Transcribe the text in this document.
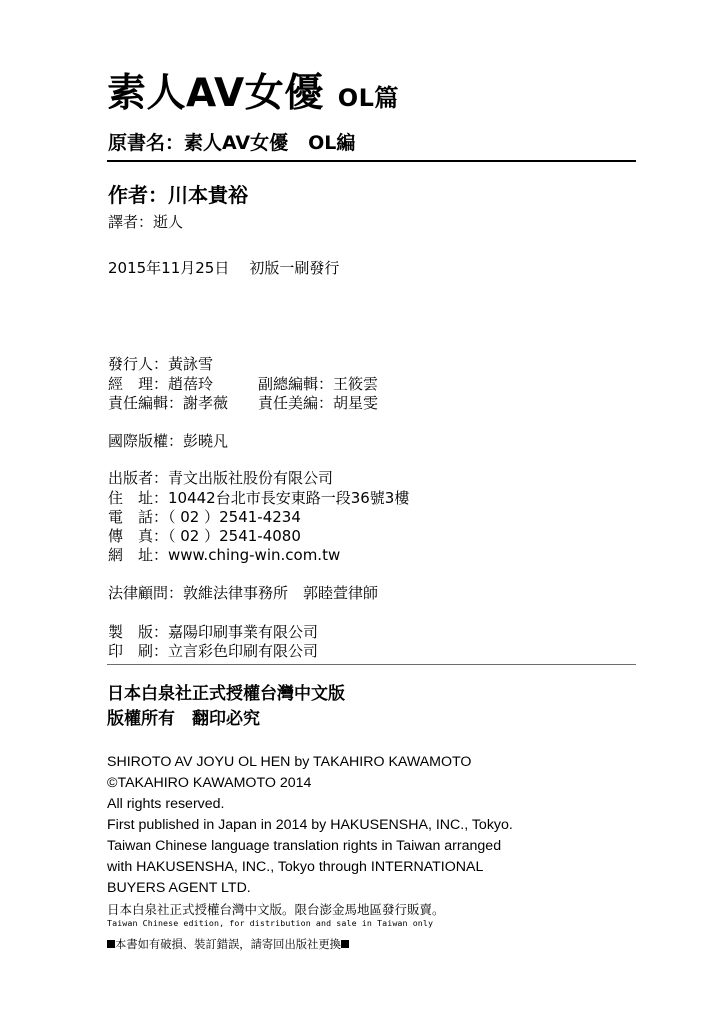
素人AV女優 OL篇
原書名：素人AV女優 OL編
作者：川本貴裕
譯者：逝人
2015年11月25日 初版一刷發行
發行人：黃詠雪
經　理：趙蓓玲	副總編輯：王筱雲
責任編輯：謝孝薇 責任美編：胡星雯
國際版權：彭曉凡
出版者：青文出版社股份有限公司
住　址：10442台北市長安東路一段36號3樓
電　話：（ 02 ）2541-4234
傳　真：（ 02 ）2541-4080
網　址：www.ching-win.com.tw
法律顧問：敦維法律事務所　郭睦萱律師
製　版：嘉陽印刷事業有限公司
印　刷：立言彩色印刷有限公司
日本白泉社正式授權台灣中文版
版權所有　翻印必究
SHIROTO AV JOYU OL HEN by TAKAHIRO KAWAMOTO
©TAKAHIRO KAWAMOTO 2014
All rights reserved.
First published in Japan in 2014 by HAKUSENSHA, INC., Tokyo.
Taiwan Chinese language translation rights in Taiwan arranged
with HAKUSENSHA, INC., Tokyo through INTERNATIONAL
BUYERS AGENT LTD.
日本白泉社正式授權台灣中文版。限台澎金馬地區發行販賣。
Taiwan Chinese edition, for distribution and sale in Taiwan only
本書如有破損、裝訂錯誤，請寄回出版社更換
